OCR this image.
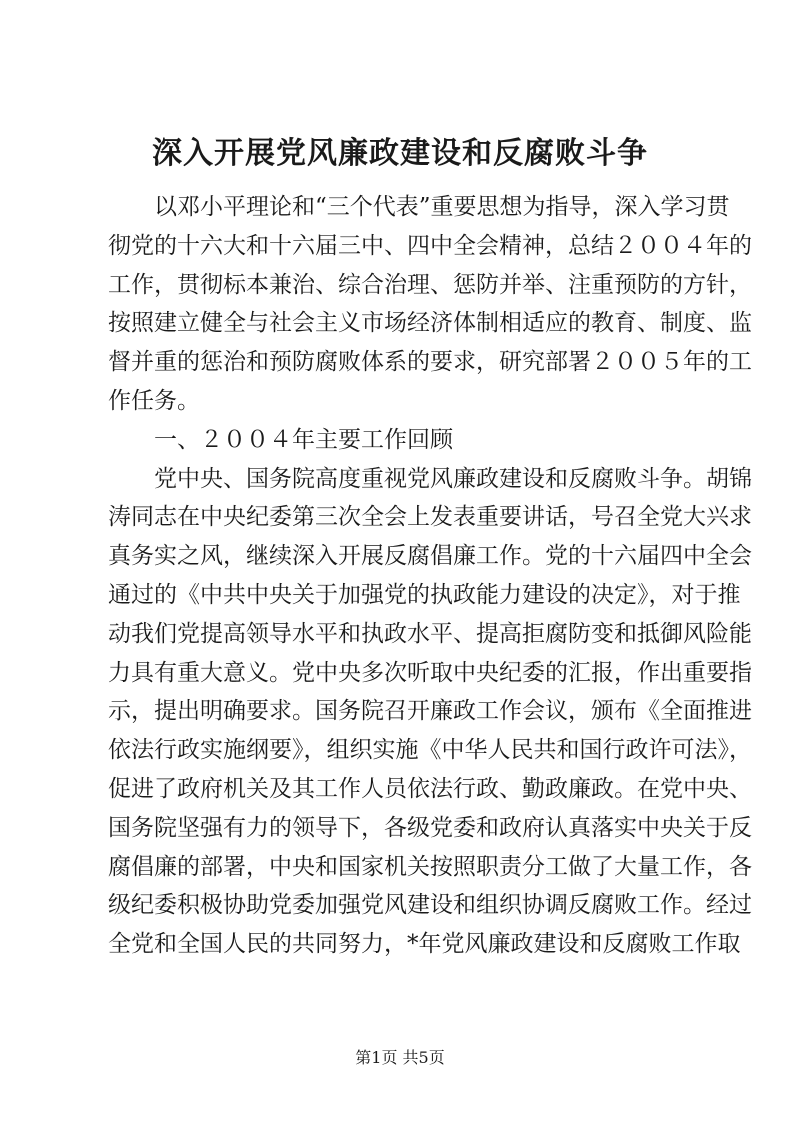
深入开展党风廉政建设和反腐败斗争
　　以邓小平理论和“三个代表”重要思想为指导，深入学习贯
彻党的十六大和十六届三中、四中全会精神，总结２００４年的
工作，贯彻标本兼治、综合治理、惩防并举、注重预防的方针，
按照建立健全与社会主义市场经济体制相适应的教育、制度、监
督并重的惩治和预防腐败体系的要求，研究部署２００５年的工
作任务。
　　一、２００４年主要工作回顾
　　党中央、国务院高度重视党风廉政建设和反腐败斗争。胡锦
涛同志在中央纪委第三次全会上发表重要讲话，号召全党大兴求
真务实之风，继续深入开展反腐倡廉工作。党的十六届四中全会
通过的《中共中央关于加强党的执政能力建设的决定》，对于推
动我们党提高领导水平和执政水平、提高拒腐防变和抵御风险能
力具有重大意义。党中央多次听取中央纪委的汇报，作出重要指
示，提出明确要求。国务院召开廉政工作会议，颁布《全面推进
依法行政实施纲要》，组织实施《中华人民共和国行政许可法》，
促进了政府机关及其工作人员依法行政、勤政廉政。在党中央、
国务院坚强有力的领导下，各级党委和政府认真落实中央关于反
腐倡廉的部署，中央和国家机关按照职责分工做了大量工作，各
级纪委积极协助党委加强党风建设和组织协调反腐败工作。经过
全党和全国人民的共同努力，*年党风廉政建设和反腐败工作取
第1页 共5页
